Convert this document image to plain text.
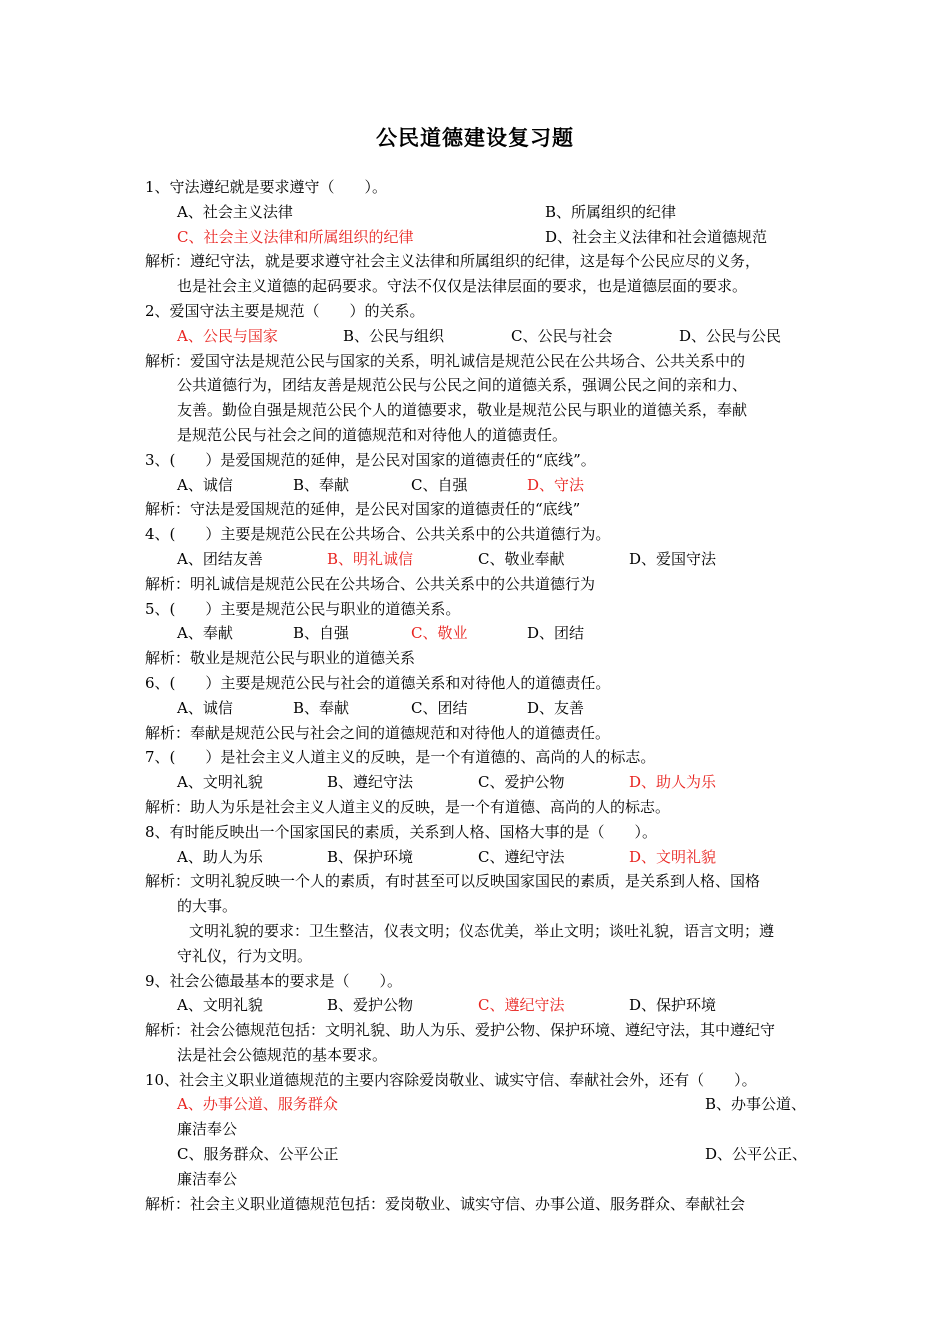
公民道德建设复习题
1、守法遵纪就是要求遵守（　　）。
A、社会主义法律	B、所属组织的纪律
C、社会主义法律和所属组织的纪律	D、社会主义法律和社会道德规范
解析：遵纪守法，就是要求遵守社会主义法律和所属组织的纪律，这是每个公民应尽的义务，
也是社会主义道德的起码要求。守法不仅仅是法律层面的要求，也是道德层面的要求。
2、爱国守法主要是规范（　　）的关系。
A、公民与国家	B、公民与组织	C、公民与社会	D、公民与公民
解析：爱国守法是规范公民与国家的关系，明礼诚信是规范公民在公共场合、公共关系中的
公共道德行为，团结友善是规范公民与公民之间的道德关系，强调公民之间的亲和力、
友善。勤俭自强是规范公民个人的道德要求，敬业是规范公民与职业的道德关系，奉献
是规范公民与社会之间的道德规范和对待他人的道德责任。
3、(　　）是爱国规范的延伸，是公民对国家的道德责任的“底线”。
A、诚信	B、奉献	C、自强	D、守法
解析：守法是爱国规范的延伸，是公民对国家的道德责任的“底线”
4、(　　）主要是规范公民在公共场合、公共关系中的公共道德行为。
A、团结友善	B、明礼诚信	C、敬业奉献	D、爱国守法
解析：明礼诚信是规范公民在公共场合、公共关系中的公共道德行为
5、(　　）主要是规范公民与职业的道德关系。
A、奉献	B、自强	C、敬业	D、团结
解析：敬业是规范公民与职业的道德关系
6、(　　）主要是规范公民与社会的道德关系和对待他人的道德责任。
A、诚信	B、奉献	C、团结	D、友善
解析：奉献是规范公民与社会之间的道德规范和对待他人的道德责任。
7、(　　）是社会主义人道主义的反映，是一个有道德的、高尚的人的标志。
A、文明礼貌	B、遵纪守法	C、爱护公物	D、助人为乐
解析：助人为乐是社会主义人道主义的反映，是一个有道德、高尚的人的标志。
8、有时能反映出一个国家国民的素质，关系到人格、国格大事的是（　　）。
A、助人为乐	B、保护环境	C、遵纪守法	D、文明礼貌
解析：文明礼貌反映一个人的素质，有时甚至可以反映国家国民的素质，是关系到人格、国格
的大事。
文明礼貌的要求：卫生整洁，仪表文明；仪态优美，举止文明；谈吐礼貌，语言文明；遵
守礼仪，行为文明。
9、社会公德最基本的要求是（　　）。
A、文明礼貌	B、爱护公物	C、遵纪守法	D、保护环境
解析：社会公德规范包括：文明礼貌、助人为乐、爱护公物、保护环境、遵纪守法，其中遵纪守
法是社会公德规范的基本要求。
10、社会主义职业道德规范的主要内容除爱岗敬业、诚实守信、奉献社会外，还有（　　）。
A、办事公道、服务群众	B、办事公道、
廉洁奉公
C、服务群众、公平公正	D、公平公正、
廉洁奉公
解析：社会主义职业道德规范包括：爱岗敬业、诚实守信、办事公道、服务群众、奉献社会
